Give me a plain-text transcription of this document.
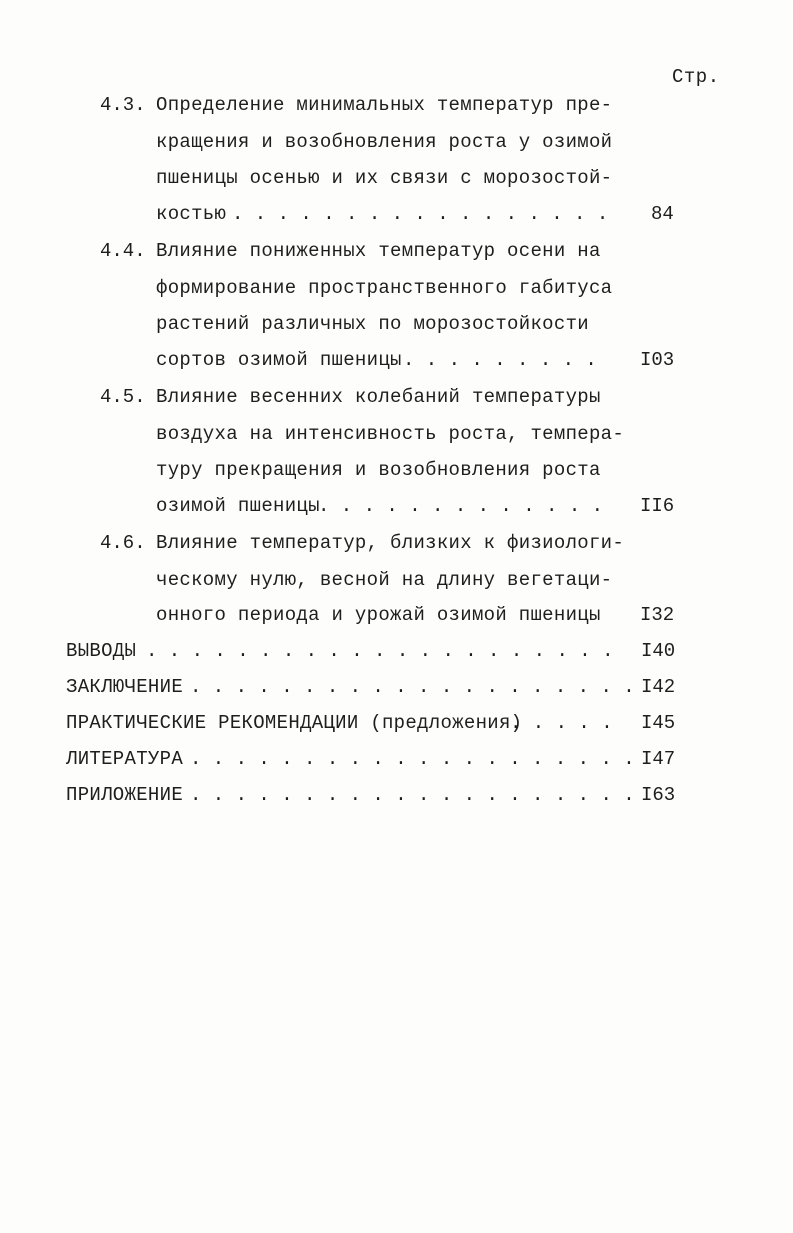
Стр.
4.3. Определение минимальных температур пре-
кращения и возобновления роста у озимой
пшеницы осенью и их связи с морозостой-
костью . . . . . . . . . . . . . . . . . 84
4.4. Влияние пониженных температур осени на
формирование пространственного габитуса
растений различных по морозостойкости
сортов озимой пшеницы . . . . . . . . . I03
4.5. Влияние весенних колебаний температуры
воздуха на интенсивность роста, темпера-
туру прекращения и возобновления роста
озимой пшеницы
. . . . . . . . . . . . . II6
4.6. Влияние температур, близких к физиологи-
ческому нулю, весной на длину вегетаци-
онного периода и урожай озимой пшеницы I32
ВЫВОДЫ . . . . . . . . . . . . . . . . . . . . . I40
ЗАКЛЮЧЕНИЕ . . . . . . . . . . . . . . . . . . . . I42
ПРАКТИЧЕСКИЕ РЕКОМЕНДАЦИИ (предложения)
. . . . . I45
ЛИТЕРАТУРА . . . . . . . . . . . . . . . . . . . . I47
ПРИЛОЖЕНИЕ . . . . . . . . . . . . . . . . . . . . I63
